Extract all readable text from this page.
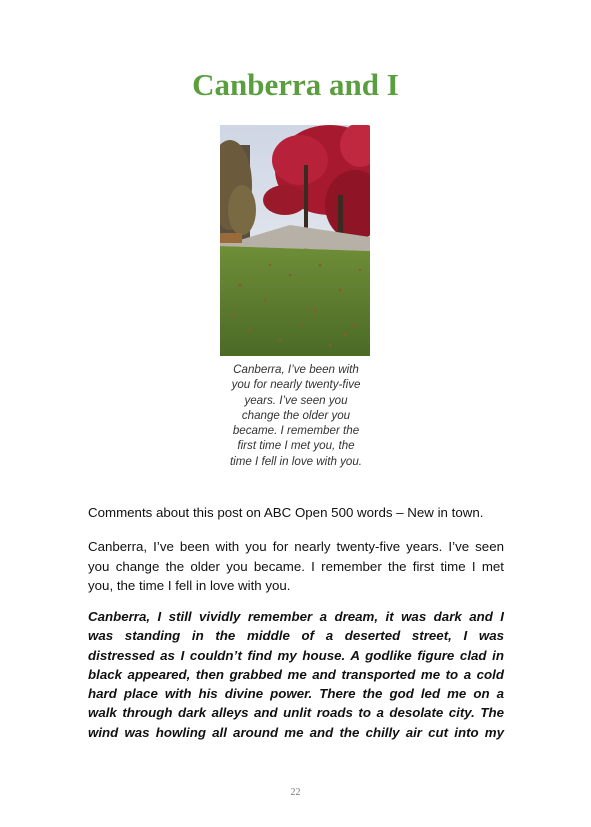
Canberra and I
Canberra, I’ve been with
you for nearly twenty-five
years. I’ve seen you
change the older you
became. I remember the
first time I met you, the
time I fell in love with you.
Comments about this post on ABC Open 500 words – New in town.
Canberra, I’ve been with you for nearly twenty-five years. I’ve seen
you change the older you became. I remember the first time I met
you, the time I fell in love with you.
Canberra, I still vividly remember a dream, it was dark and I
was standing in the middle of a deserted street, I was
distressed as I couldn’t find my house. A godlike figure clad in
black appeared, then grabbed me and transported me to a cold
hard place with his divine power. There the god led me on a
walk through dark alleys and unlit roads to a desolate city. The
wind was howling all around me and the chilly air cut into my
22
